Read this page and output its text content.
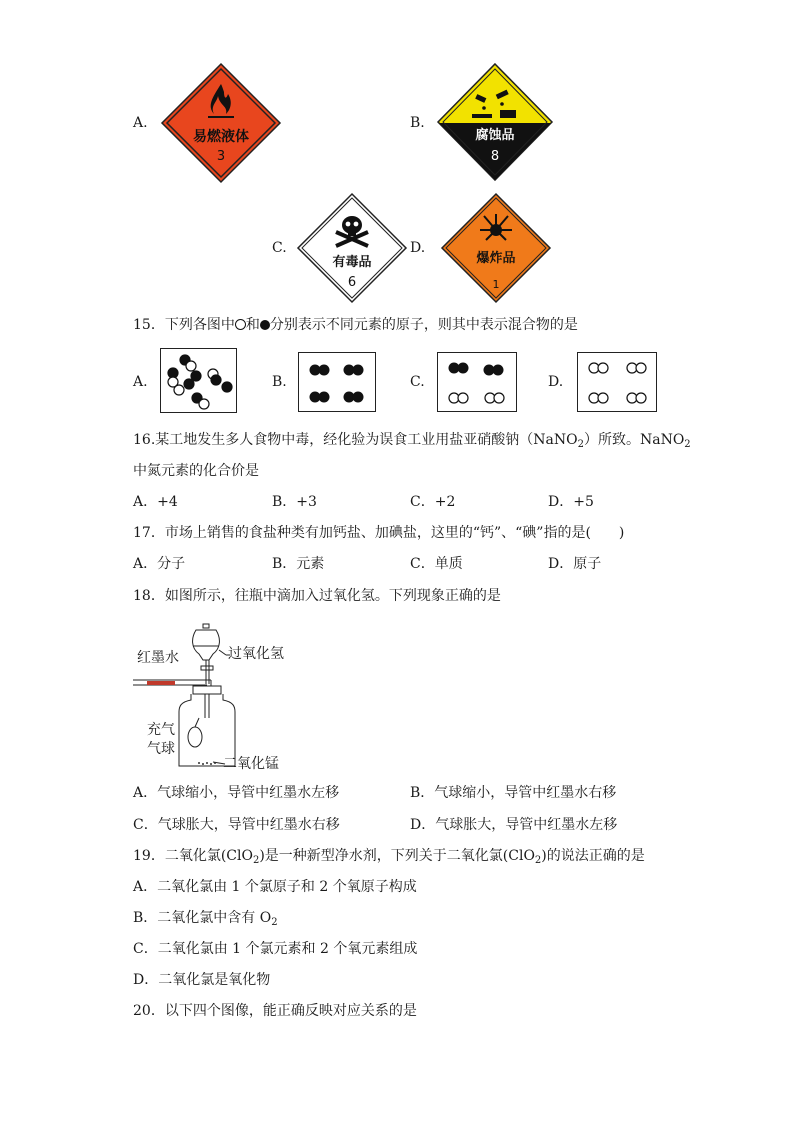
A.
易燃液体
3
B.
腐蚀品
8
C.
有毒品
6
D.
爆炸品
1
15．下列各图中 和 分别表示不同元素的原子，则其中表示混合物的是
A.	B.	C.	D.
16.某工地发生多人食物中毒，经化验为误食工业用盐亚硝酸钠（NaNO$_2$）所致。NaNO$_2$
中氮元素的化合价是
A．+4	B．+3	C．+2	D．+5
17．市场上销售的食盐种类有加钙盐、加碘盐，这里的“钙”、“碘”指的是(　　)
A．分子	B．元素	C．单质	D．原子
18．如图所示，往瓶中滴加入过氧化氢。下列现象正确的是
红墨水	过氧化氢
充气
气球
二氧化锰
A．气球缩小，导管中红墨水左移	B．气球缩小，导管中红墨水右移
C．气球胀大，导管中红墨水右移	D．气球胀大，导管中红墨水左移
19．二氧化氯(ClO$_2$)是一种新型净水剂，下列关于二氧化氯(ClO$_2$)的说法正确的是
A．二氧化氯由 1 个氯原子和 2 个氧原子构成
B．二氧化氯中含有 $O_2$
C．二氧化氯由 1 个氯元素和 2 个氧元素组成
D．二氧化氯是氧化物
20．以下四个图像，能正确反映对应关系的是
